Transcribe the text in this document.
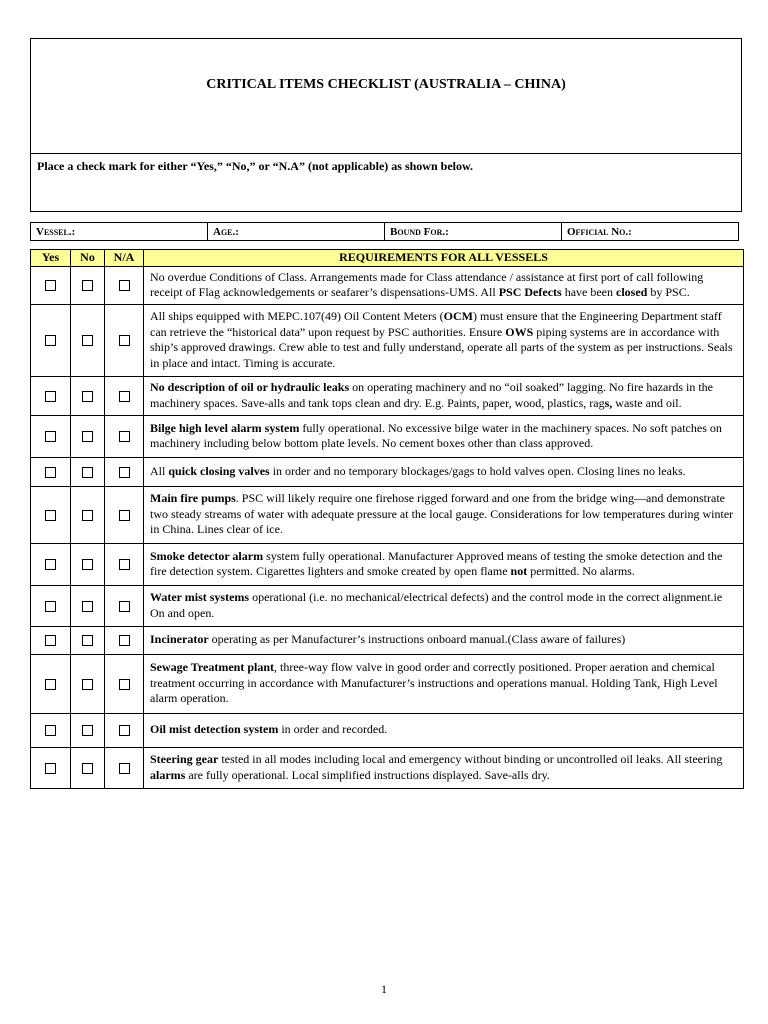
CRITICAL ITEMS CHECKLIST (AUSTRALIA – CHINA)
Place a check mark for either “Yes,” “No,” or “N.A” (not applicable) as shown below.
Vessel.:	Age.:	Bound For.:	Official No.:
Yes	No	N/A	REQUIREMENTS FOR ALL VESSELS
			No overdue Conditions of Class. Arrangements made for Class attendance / assistance at first port of call following receipt of Flag acknowledgements or seafarer’s dispensations-UMS. All PSC Defects have been closed by PSC.
			All ships equipped with MEPC.107(49) Oil Content Meters (OCM) must ensure that the Engineering Department staff can retrieve the “historical data” upon request by PSC authorities. Ensure OWS piping systems are in accordance with ship’s approved drawings. Crew able to test and fully understand, operate all parts of the system as per instructions. Seals in place and intact. Timing is accurate.
			No description of oil or hydraulic leaks on operating machinery and no “oil soaked” lagging. No fire hazards in the machinery spaces. Save-alls and tank tops clean and dry. E.g. Paints, paper, wood, plastics, rags, waste and oil.
			Bilge high level alarm system fully operational. No excessive bilge water in the machinery spaces. No soft patches on machinery including below bottom plate levels. No cement boxes other than class approved.
			All quick closing valves in order and no temporary blockages/gags to hold valves open. Closing lines no leaks.
			Main fire pumps. PSC will likely require one firehose rigged forward and one from the bridge wing—and demonstrate two steady streams of water with adequate pressure at the local gauge. Considerations for low temperatures during winter in China. Lines clear of ice.
			Smoke detector alarm system fully operational. Manufacturer Approved means of testing the smoke detection and the fire detection system. Cigarettes lighters and smoke created by open flame not permitted. No alarms.
			Water mist systems operational (i.e. no mechanical/electrical defects) and the control mode in the correct alignment.ie On and open.
			Incinerator operating as per Manufacturer’s instructions onboard manual.(Class aware of failures)
			Sewage Treatment plant, three-way flow valve in good order and correctly positioned. Proper aeration and chemical treatment occurring in accordance with Manufacturer’s instructions and operations manual. Holding Tank, High Level alarm operation.
			Oil mist detection system in order and recorded.
			Steering gear tested in all modes including local and emergency without binding or uncontrolled oil leaks. All steering alarms are fully operational. Local simplified instructions displayed. Save-alls dry.
1
